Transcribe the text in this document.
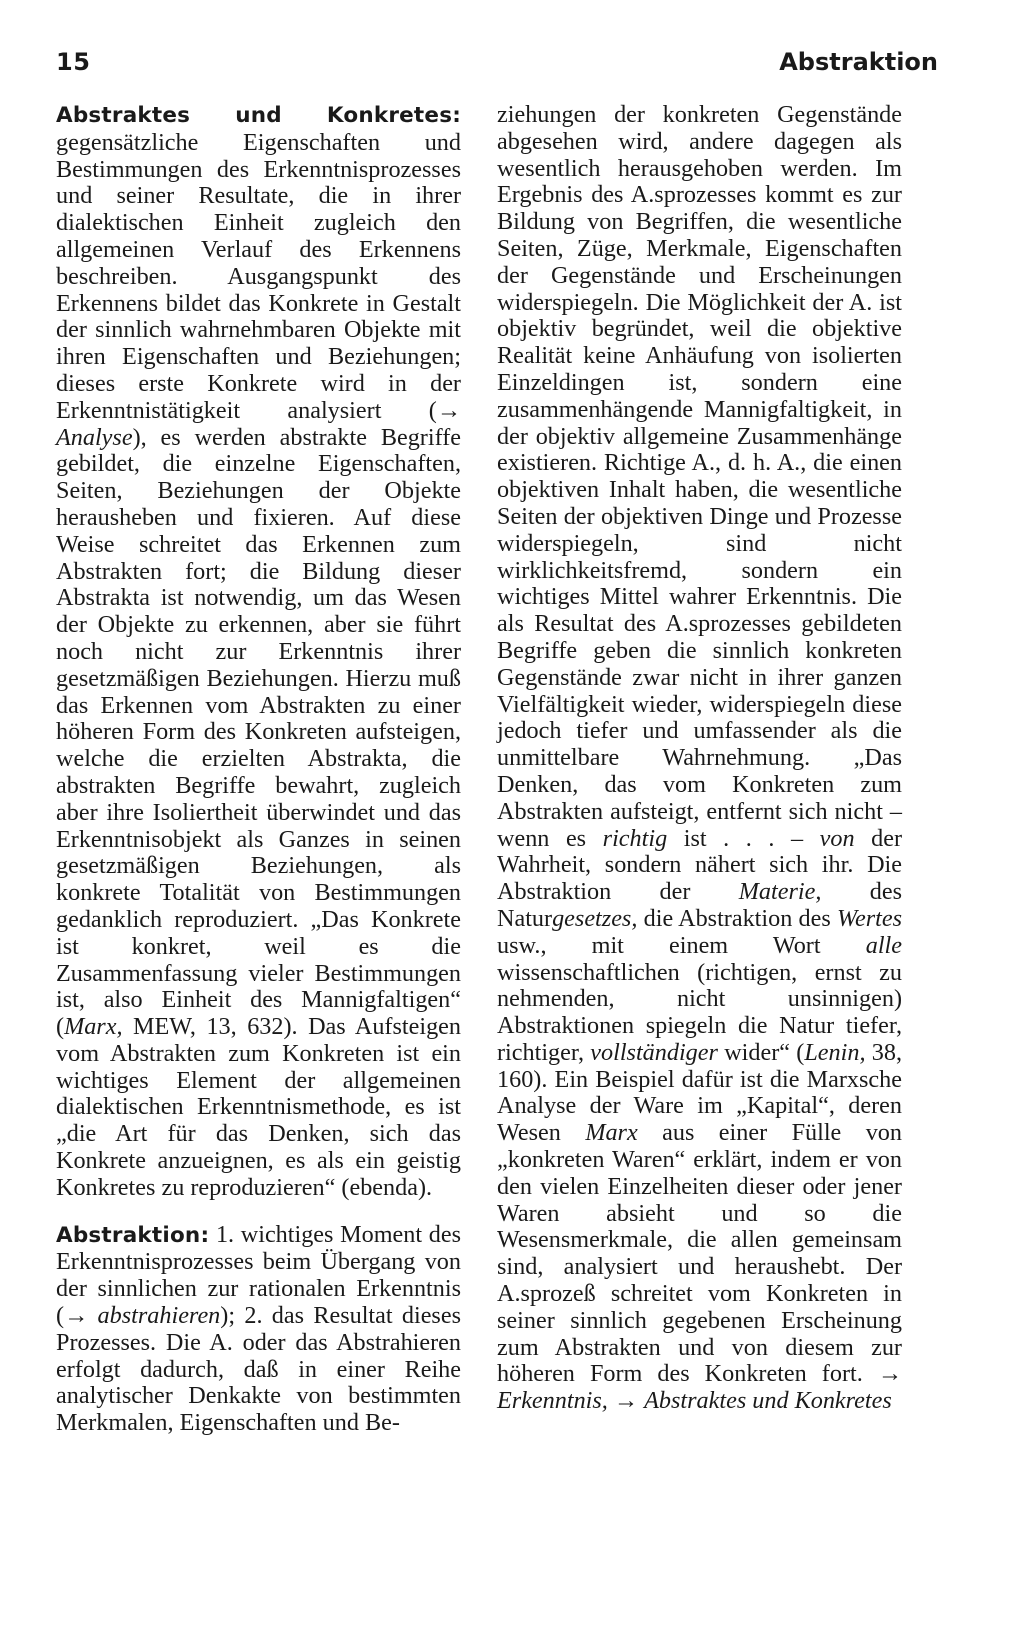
15	Abstraktion

Abstraktes und Konkretes: gegensätzliche Eigenschaften und Bestimmungen des Erkenntnisprozesses und seiner Resultate, die in ihrer dialektischen Einheit zugleich den allgemeinen Verlauf des Erkennens beschreiben. Ausgangspunkt des Erkennens bildet das Konkrete in Gestalt der sinnlich wahrnehmbaren Objekte mit ihren Eigenschaften und Beziehungen; dieses erste Konkrete wird in der Erkenntnistätigkeit analysiert (→ Analyse), es werden abstrakte Begriffe gebildet, die einzelne Eigenschaften, Seiten, Beziehungen der Objekte herausheben und fixieren. Auf diese Weise schreitet das Erkennen zum Abstrakten fort; die Bildung dieser Abstrakta ist notwendig, um das Wesen der Objekte zu erkennen, aber sie führt noch nicht zur Erkenntnis ihrer gesetzmäßigen Beziehungen. Hierzu muß das Erkennen vom Abstrakten zu einer höheren Form des Konkreten aufsteigen, welche die erzielten Abstrakta, die abstrakten Begriffe bewahrt, zugleich aber ihre Isoliertheit überwindet und das Erkenntnisobjekt als Ganzes in seinen gesetzmäßigen Beziehungen, als konkrete Totalität von Bestimmungen gedanklich reproduziert. „Das Konkrete ist konkret, weil es die Zusammenfassung vieler Bestimmungen ist, also Einheit des Mannigfaltigen“ (Marx, MEW, 13, 632). Das Aufsteigen vom Abstrakten zum Konkreten ist ein wichtiges Element der allgemeinen dialektischen Erkenntnismethode, es ist „die Art für das Denken, sich das Konkrete anzueignen, es als ein geistig Konkretes zu reproduzieren“ (ebenda).

Abstraktion: 1. wichtiges Moment des Erkenntnisprozesses beim Übergang von der sinnlichen zur rationalen Erkenntnis (→ abstrahieren); 2. das Resultat dieses Prozesses. Die A. oder das Abstrahieren erfolgt dadurch, daß in einer Reihe analytischer Denkakte von bestimmten Merkmalen, Eigenschaften und Be-

ziehungen der konkreten Gegenstände abgesehen wird, andere dagegen als wesentlich herausgehoben werden. Im Ergebnis des A.sprozesses kommt es zur Bildung von Begriffen, die wesentliche Seiten, Züge, Merkmale, Eigenschaften der Gegenstände und Erscheinungen widerspiegeln. Die Möglichkeit der A. ist objektiv begründet, weil die objektive Realität keine Anhäufung von isolierten Einzeldingen ist, sondern eine zusammenhängende Mannigfaltigkeit, in der objektiv allgemeine Zusammenhänge existieren. Richtige A., d. h. A., die einen objektiven Inhalt haben, die wesentliche Seiten der objektiven Dinge und Prozesse widerspiegeln, sind nicht wirklichkeitsfremd, sondern ein wichtiges Mittel wahrer Erkenntnis. Die als Resultat des A.sprozesses gebildeten Begriffe geben die sinnlich konkreten Gegenstände zwar nicht in ihrer ganzen Vielfältigkeit wieder, widerspiegeln diese jedoch tiefer und umfassender als die unmittelbare Wahrnehmung. „Das Denken, das vom Konkreten zum Abstrakten aufsteigt, entfernt sich nicht – wenn es richtig ist . . . – von der Wahrheit, sondern nähert sich ihr. Die Abstraktion der Materie, des Naturgesetzes, die Abstraktion des Wertes usw., mit einem Wort alle wissenschaftlichen (richtigen, ernst zu nehmenden, nicht unsinnigen) Abstraktionen spiegeln die Natur tiefer, richtiger, vollständiger wider“ (Lenin, 38, 160). Ein Beispiel dafür ist die Marxsche Analyse der Ware im „Kapital“, deren Wesen Marx aus einer Fülle von „konkreten Waren“ erklärt, indem er von den vielen Einzelheiten dieser oder jener Waren absieht und so die Wesensmerkmale, die allen gemeinsam sind, analysiert und heraushebt. Der A.sprozeß schreitet vom Konkreten in seiner sinnlich gegebenen Erscheinung zum Abstrakten und von diesem zur höheren Form des Konkreten fort. → Erkenntnis, → Abstraktes und Konkretes
